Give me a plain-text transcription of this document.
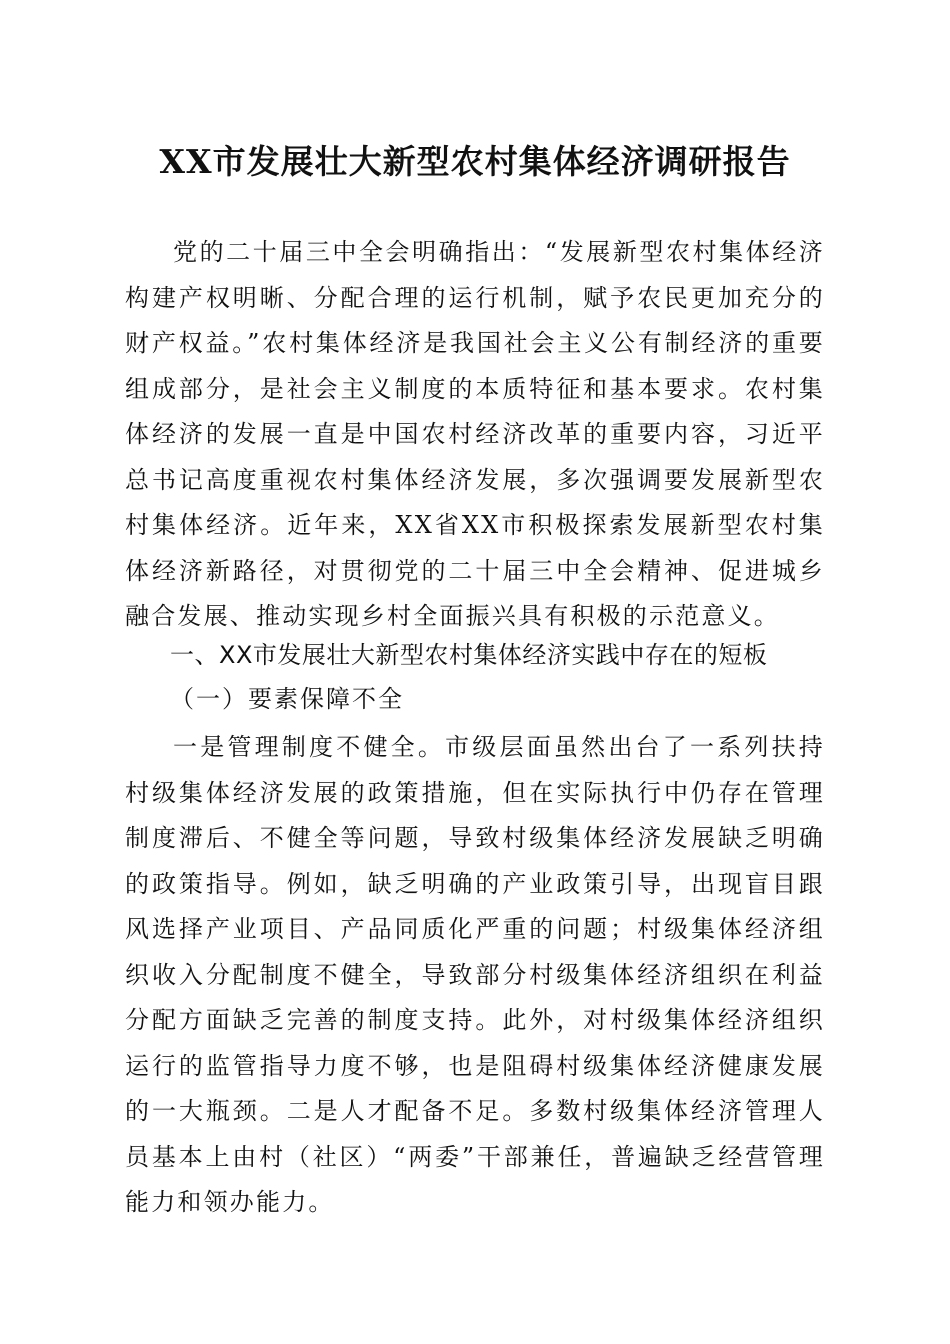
XX市发展壮大新型农村集体经济调研报告

党的二十届三中全会明确指出：“发展新型农村集体经济构建产权明晰、分配合理的运行机制，赋予农民更加充分的财产权益。”农村集体经济是我国社会主义公有制经济的重要组成部分，是社会主义制度的本质特征和基本要求。农村集体经济的发展一直是中国农村经济改革的重要内容，习近平总书记高度重视农村集体经济发展，多次强调要发展新型农村集体经济。近年来，XX省XX市积极探索发展新型农村集体经济新路径，对贯彻党的二十届三中全会精神、促进城乡融合发展、推动实现乡村全面振兴具有积极的示范意义。

一、XX市发展壮大新型农村集体经济实践中存在的短板
（一）要素保障不全

一是管理制度不健全。市级层面虽然出台了一系列扶持村级集体经济发展的政策措施，但在实际执行中仍存在管理制度滞后、不健全等问题，导致村级集体经济发展缺乏明确的政策指导。例如，缺乏明确的产业政策引导，出现盲目跟风选择产业项目、产品同质化严重的问题；村级集体经济组织收入分配制度不健全，导致部分村级集体经济组织在利益分配方面缺乏完善的制度支持。此外，对村级集体经济组织运行的监管指导力度不够，也是阻碍村级集体经济健康发展的一大瓶颈。二是人才配备不足。多数村级集体经济管理人员基本上由村（社区）“两委”干部兼任，普遍缺乏经营管理能力和领办能力。
